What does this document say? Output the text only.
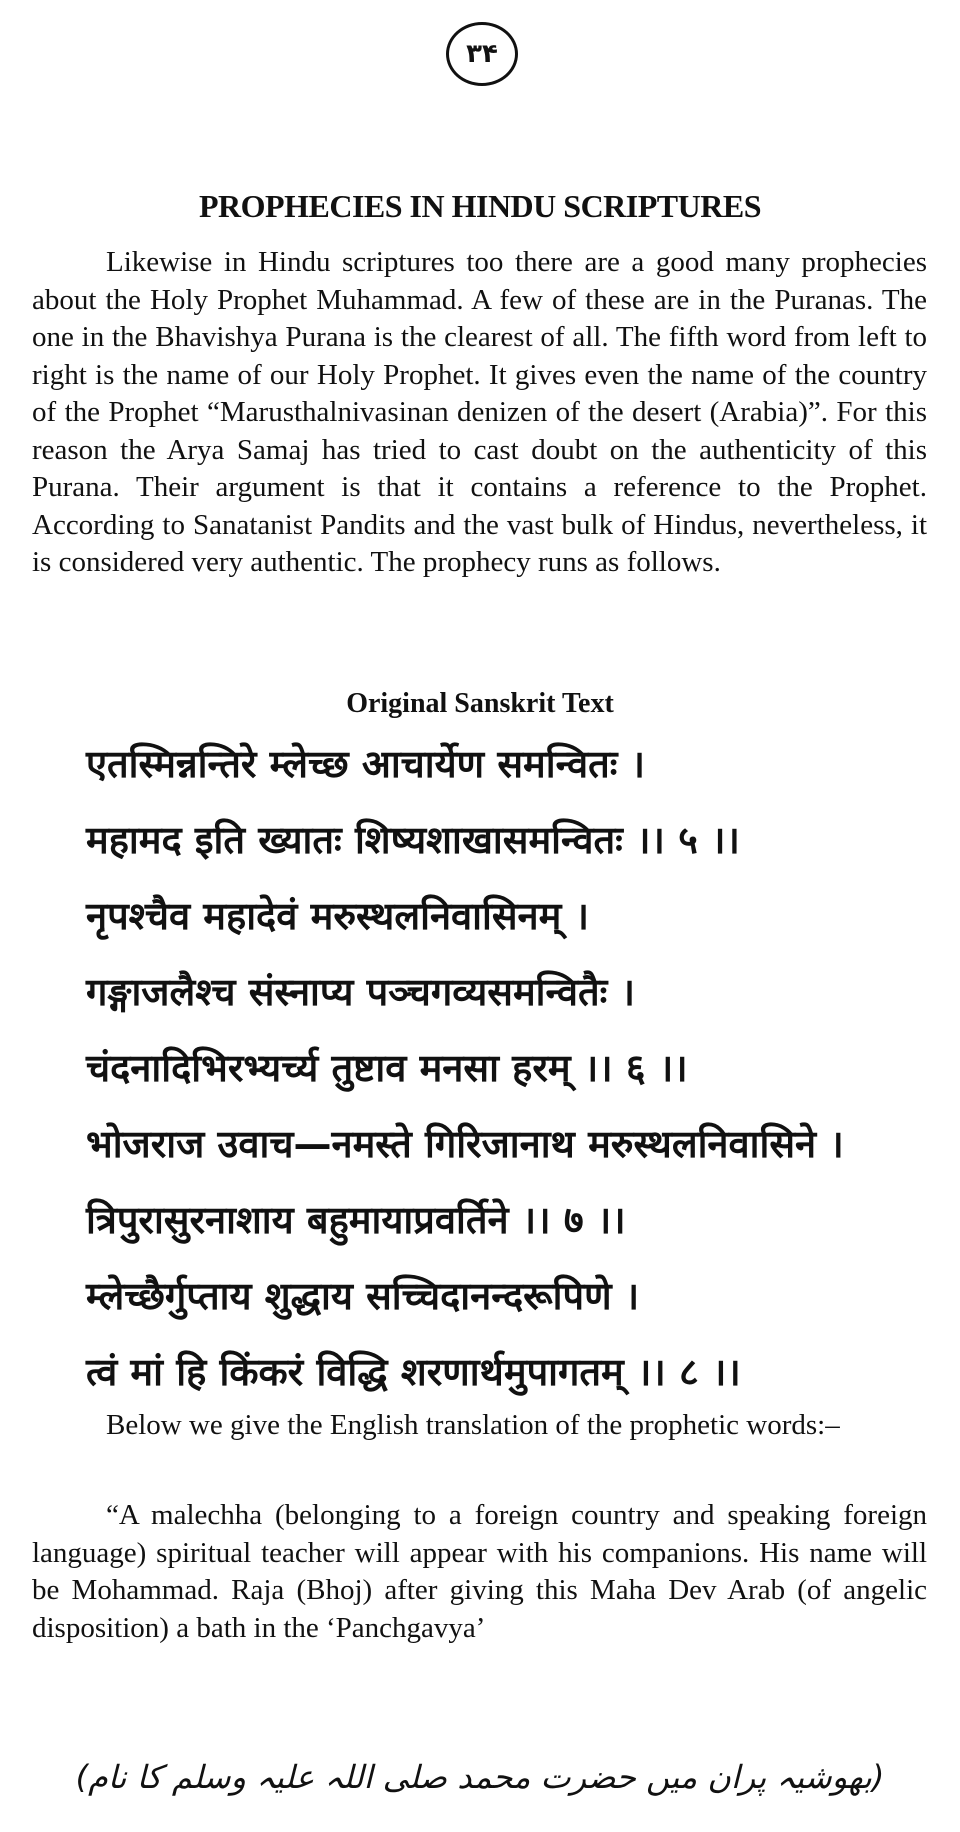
۳۴
PROPHECIES IN HINDU SCRIPTURES
Likewise in Hindu scriptures too there are a good many prophecies about the Holy Prophet Muhammad. A few of these are in the Puranas. The one in the Bhavishya Purana is the clearest of all. The fifth word from left to right is the name of our Holy Prophet. It gives even the name of the country of the Prophet “Marusthalnivasinan denizen of the desert (Arabia)”. For this reason the Arya Samaj has tried to cast doubt on the authenticity of this Purana. Their argument is that it contains a reference to the Prophet. According to Sanatanist Pandits and the vast bulk of Hindus, nevertheless, it is considered very authentic. The prophecy runs as follows.
Original Sanskrit Text
एतस्मिन्नन्तिरे म्लेच्छ आचार्येण समन्वितः ।
महामद इति ख्यातः शिष्यशाखासमन्वितः ।। ५ ।।
नृपश्चैव महादेवं मरुस्थलनिवासिनम् ।
गङ्गाजलैश्च संस्नाप्य पञ्चगव्यसमन्वितैः ।
चंदनादिभिरभ्यर्च्य तुष्टाव मनसा हरम् ।। ६ ।।
भोजराज उवाच—नमस्ते गिरिजानाथ मरुस्थलनिवासिने ।
त्रिपुरासुरनाशाय बहुमायाप्रवर्तिने ।। ७ ।।
म्लेच्छैर्गुप्ताय शुद्धाय सच्चिदानन्दरूपिणे ।
त्वं मां हि किंकरं विद्धि शरणार्थमुपागतम् ।। ८ ।।
Below we give the English translation of the prophetic words:–
“A malechha (belonging to a foreign country and speaking foreign language) spiritual teacher will appear with his companions. His name will be Mohammad. Raja (Bhoj) after giving this Maha Dev Arab (of angelic disposition) a bath in the ‘Panchgavya’
(بھوشیہ پران میں حضرت محمد صلی اللہ علیہ وسلم کا نام)
